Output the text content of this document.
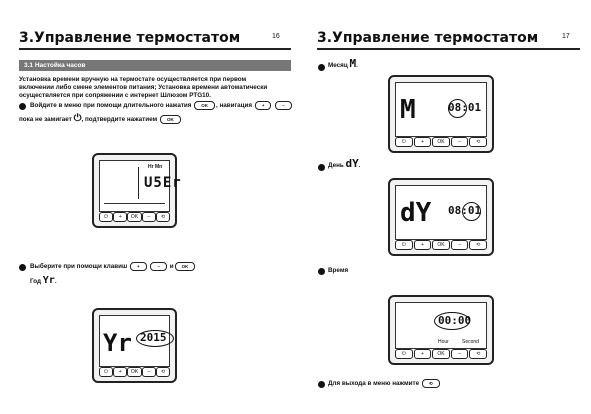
3.Управление термостатом	16
3.1 Настойка часов
Установка времени вручную на термостате осуществляется при первом
включении либо смене элементов питания; Установка времени автоматически
осуществляется при сопряжении с интернет Шлюзом PTG10.
Войдите в меню при помощи длительного нажатия OK , навигация +	–
пока не замигает ⏻, подтвердите нажатием OK
Hr Mn
U5Er
⏻	+	OK	–	⟲
Выберите при помощи клавиш +	– и OK
Год Yr.
Yr 2015
⏻	+	OK	–	⟲
3.Управление термостатом	17
Месяц M.
M	08:01
⏻	+	OK	–	⟲
День dY.
dY 08:01
⏻	+	OK	–	⟲
Время
00:00
Hour	Second
⏻	+	OK	–	⟲
Для выхода в меню нажмите ⟲
